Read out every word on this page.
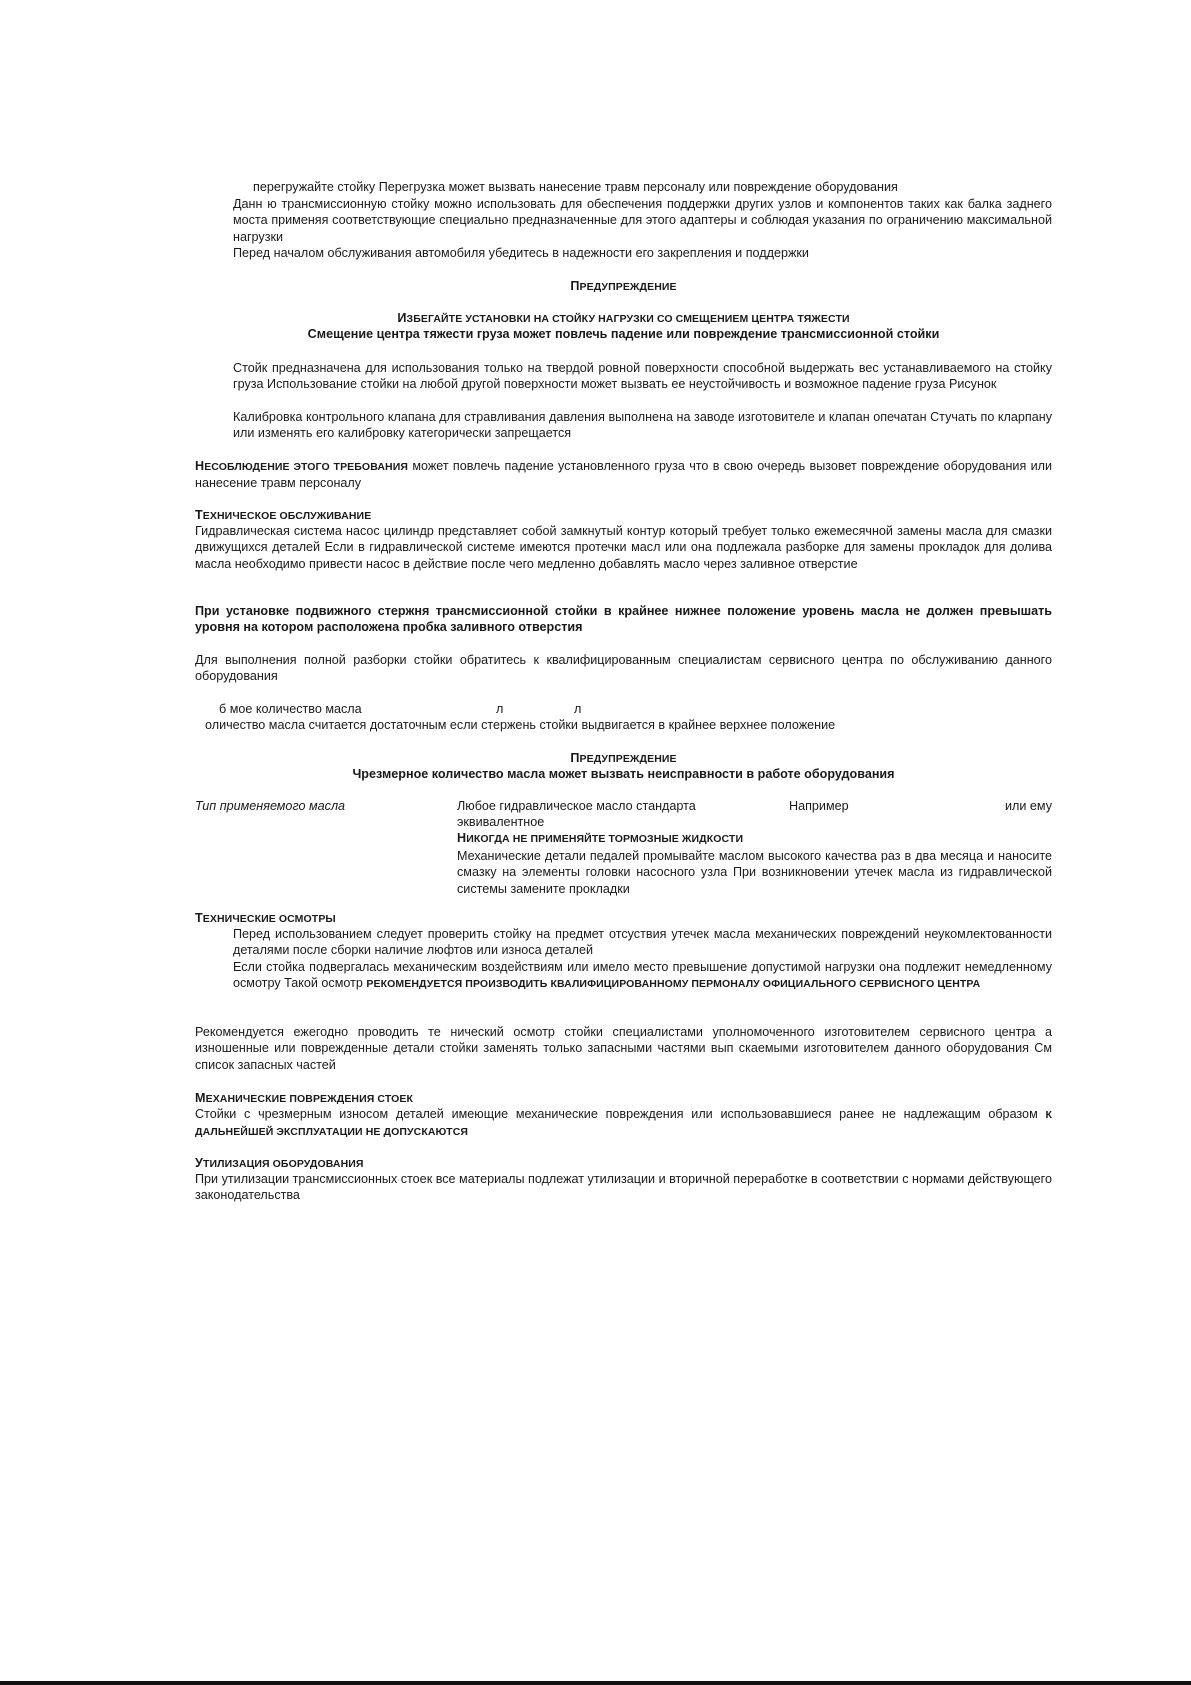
перегружайте стойку Перегрузка может вызвать нанесение травм персоналу или повреждение оборудования

Данн ю трансмиссионную стойку можно использовать для обеспечения поддержки других узлов и компонентов таких как балка заднего моста применяя соответствующие специально предназначенные для этого адаптеры и соблюдая указания по ограничению максимальной нагрузки

Перед началом обслуживания автомобиля убедитесь в надежности его закрепления и поддержки

ПРЕДУПРЕЖДЕНИЕ

ИЗБЕГАЙТЕ УСТАНОВКИ НА СТОЙКУ НАГРУЗКИ СО СМЕЩЕНИЕМ ЦЕНТРА ТЯЖЕСТИ

Смещение центра тяжести груза может повлечь падение или повреждение трансмиссионной стойки

Стойк предназначена для использования только на твердой ровной поверхности способной выдержать вес устанавливаемого на стойку груза Использование стойки на любой другой поверхности может вызвать ее неустойчивость и возможное падение груза Рисунок

Калибровка контрольного клапана для стравливания давления выполнена на заводе изготовителе и клапан опечатан Стучать по кларпану или изменять его калибровку категорически запрещается

НЕСОБЛЮДЕНИЕ ЭТОГО ТРЕБОВАНИЯ может повлечь падение установленного груза что в свою очередь вызовет повреждение оборудования или нанесение травм персоналу

ТЕХНИЧЕСКОЕ ОБСЛУЖИВАНИЕ

Гидравлическая система насос цилиндр представляет собой замкнутый контур который требует только ежемесячной замены масла для смазки движущихся деталей Если в гидравлической системе имеются протечки масл или она подлежала разборке для замены прокладок для долива масла необходимо привести насос в действие после чего медленно добавлять масло через заливное отверстие

При установке подвижного стержня трансмиссионной стойки в крайнее нижнее положение уровень масла не должен превышать уровня на котором расположена пробка заливного отверстия

Для выполнения полной разборки стойки обратитесь к квалифицированным специалистам сервисного центра по обслуживанию данного оборудования

б мое количество масла	л	л

оличество масла считается достаточным если стержень стойки выдвигается в крайнее верхнее положение

ПРЕДУПРЕЖДЕНИЕ

Чрезмерное количество масла может вызвать неисправности в работе оборудования

Тип применяемого масла	Любое гидравлическое масло стандарта	Например	или ему

эквивалентное

НИКОГДА НЕ ПРИМЕНЯЙТЕ ТОРМОЗНЫЕ ЖИДКОСТИ

Механические детали педалей промывайте маслом высокого качества раз в два месяца и наносите смазку на элементы головки насосного узла При возникновении утечек масла из гидравлической системы замените прокладки

ТЕХНИЧЕСКИЕ ОСМОТРЫ

Перед использованием следует проверить стойку на предмет отсуствия утечек масла механических повреждений неукомлектованности деталями после сборки наличие люфтов или износа деталей

Если стойка подвергалась механическим воздействиям или имело место превышение допустимой нагрузки она подлежит немедленному осмотру Такой осмотр РЕКОМЕНДУЕТСЯ ПРОИЗВОДИТЬ КВАЛИФИЦИРОВАННОМУ ПЕРМОНАЛУ ОФИЦИАЛЬНОГО СЕРВИСНОГО ЦЕНТРА

Рекомендуется ежегодно проводить те нический осмотр стойки специалистами уполномоченного изготовителем сервисного центра а изношенные или поврежденные детали стойки заменять только запасными частями вып скаемыми изготовителем данного оборудования См список запасных частей

МЕХАНИЧЕСКИЕ ПОВРЕЖДЕНИЯ СТОЕК

Стойки с чрезмерным износом деталей имеющие механические повреждения или использовавшиеся ранее не надлежащим образом К ДАЛЬНЕЙШЕЙ ЭКСПЛУАТАЦИИ НЕ ДОПУСКАЮТСЯ

УТИЛИЗАЦИЯ ОБОРУДОВАНИЯ

При утилизации трансмиссионных стоек все материалы подлежат утилизации и вторичной переработке в соответствии с нормами действующего законодательства
